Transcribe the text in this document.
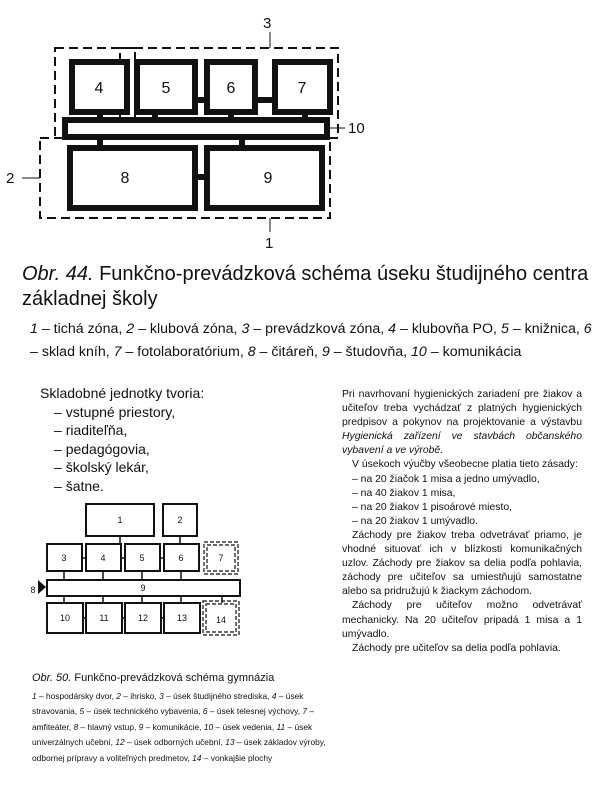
4	5	6	7
8	9
3
10
2
1
Obr. 44. Funkčno-prevádzková schéma úseku študijného centra základnej školy
1 – tichá zóna, 2 – klubová zóna, 3 – prevádzková zóna, 4 – klubovňa PO, 5 – knižnica, 6 – sklad kníh, 7 – fotolaboratórium, 8 – čitáreň, 9 – študovňa, 10 – komunikácia
Skladobné jednotky tvoria:
– vstupné priestory,
– riaditeľňa,
– pedagógovia,
– školský lekár,
– šatne.
1	2
3	4	5	6	7
9
10	11	12	13	14
8

Pri navrhovaní hygienických zariadení pre žiakov a učiteľov treba vychádzať z platných hygienických predpisov a pokynov na projektovanie a výstavbu Hygienická zařízení ve stavbách občanského vybavení a ve výrobě.

V úsekoch výučby všeobecne platia tieto zásady:

– na 20 žiačok 1 misa a jedno umývadlo,
– na 40 žiakov 1 misa,
– na 20 žiakov 1 pisoárové miesto,
– na 20 žiakov 1 umývadlo.

Záchody pre žiakov treba odvetrávať priamo, je vhodné situovať ich v blízkosti komunikačných uzlov. Záchody pre žiakov sa delia podľa pohlavia, záchody pre učiteľov sa umiestňujú samostatne alebo sa pridružujú k žiackym záchodom.

Záchody pre učiteľov možno odvetrávať mechanicky. Na 20 učiteľov pripadá 1 misa a 1 umývadlo.

Záchody pre učiteľov sa delia podľa pohlavia.

Obr. 50. Funkčno-prevádzková schéma gymnázia
1 – hospodársky dvor, 2 – ihrisko, 3 – úsek študijného strediska, 4 – úsek stravovania, 5 – úsek technického vybavenia, 6 – úsek telesnej výchovy, 7 – amfiteáter, 8 – hlavný vstup, 9 – komunikácie, 10 – úsek vedenia, 11 – úsek univerzálnych učební, 12 – úsek odborných učební, 13 – úsek základov výroby, odbornej prípravy a voliteľných predmetov, 14 – vonkajšie plochy
